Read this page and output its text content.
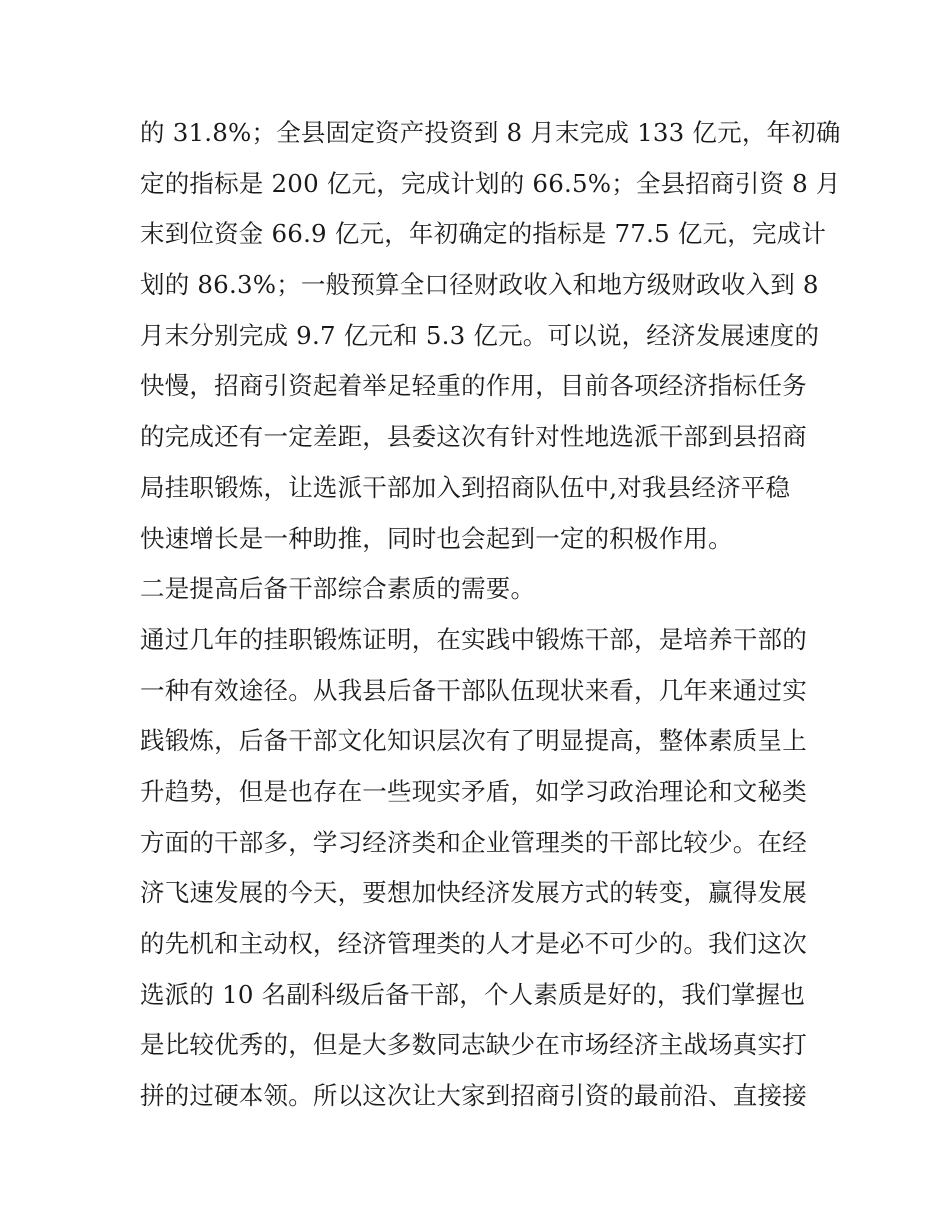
的 31.8%；全县固定资产投资到 8 月末完成 133 亿元，年初确
定的指标是 200 亿元，完成计划的 66.5%；全县招商引资 8 月
末到位资金 66.9 亿元，年初确定的指标是 77.5 亿元，完成计
划的 86.3%；一般预算全口径财政收入和地方级财政收入到 8
月末分别完成 9.7 亿元和 5.3 亿元。可以说，经济发展速度的
快慢，招商引资起着举足轻重的作用，目前各项经济指标任务
的完成还有一定差距，县委这次有针对性地选派干部到县招商
局挂职锻炼，让选派干部加入到招商队伍中,对我县经济平稳
快速增长是一种助推，同时也会起到一定的积极作用。
二是提高后备干部综合素质的需要。
通过几年的挂职锻炼证明，在实践中锻炼干部，是培养干部的
一种有效途径。从我县后备干部队伍现状来看，几年来通过实
践锻炼，后备干部文化知识层次有了明显提高，整体素质呈上
升趋势，但是也存在一些现实矛盾，如学习政治理论和文秘类
方面的干部多，学习经济类和企业管理类的干部比较少。在经
济飞速发展的今天，要想加快经济发展方式的转变，赢得发展
的先机和主动权，经济管理类的人才是必不可少的。我们这次
选派的 10 名副科级后备干部，个人素质是好的，我们掌握也
是比较优秀的，但是大多数同志缺少在市场经济主战场真实打
拼的过硬本领。所以这次让大家到招商引资的最前沿、直接接
